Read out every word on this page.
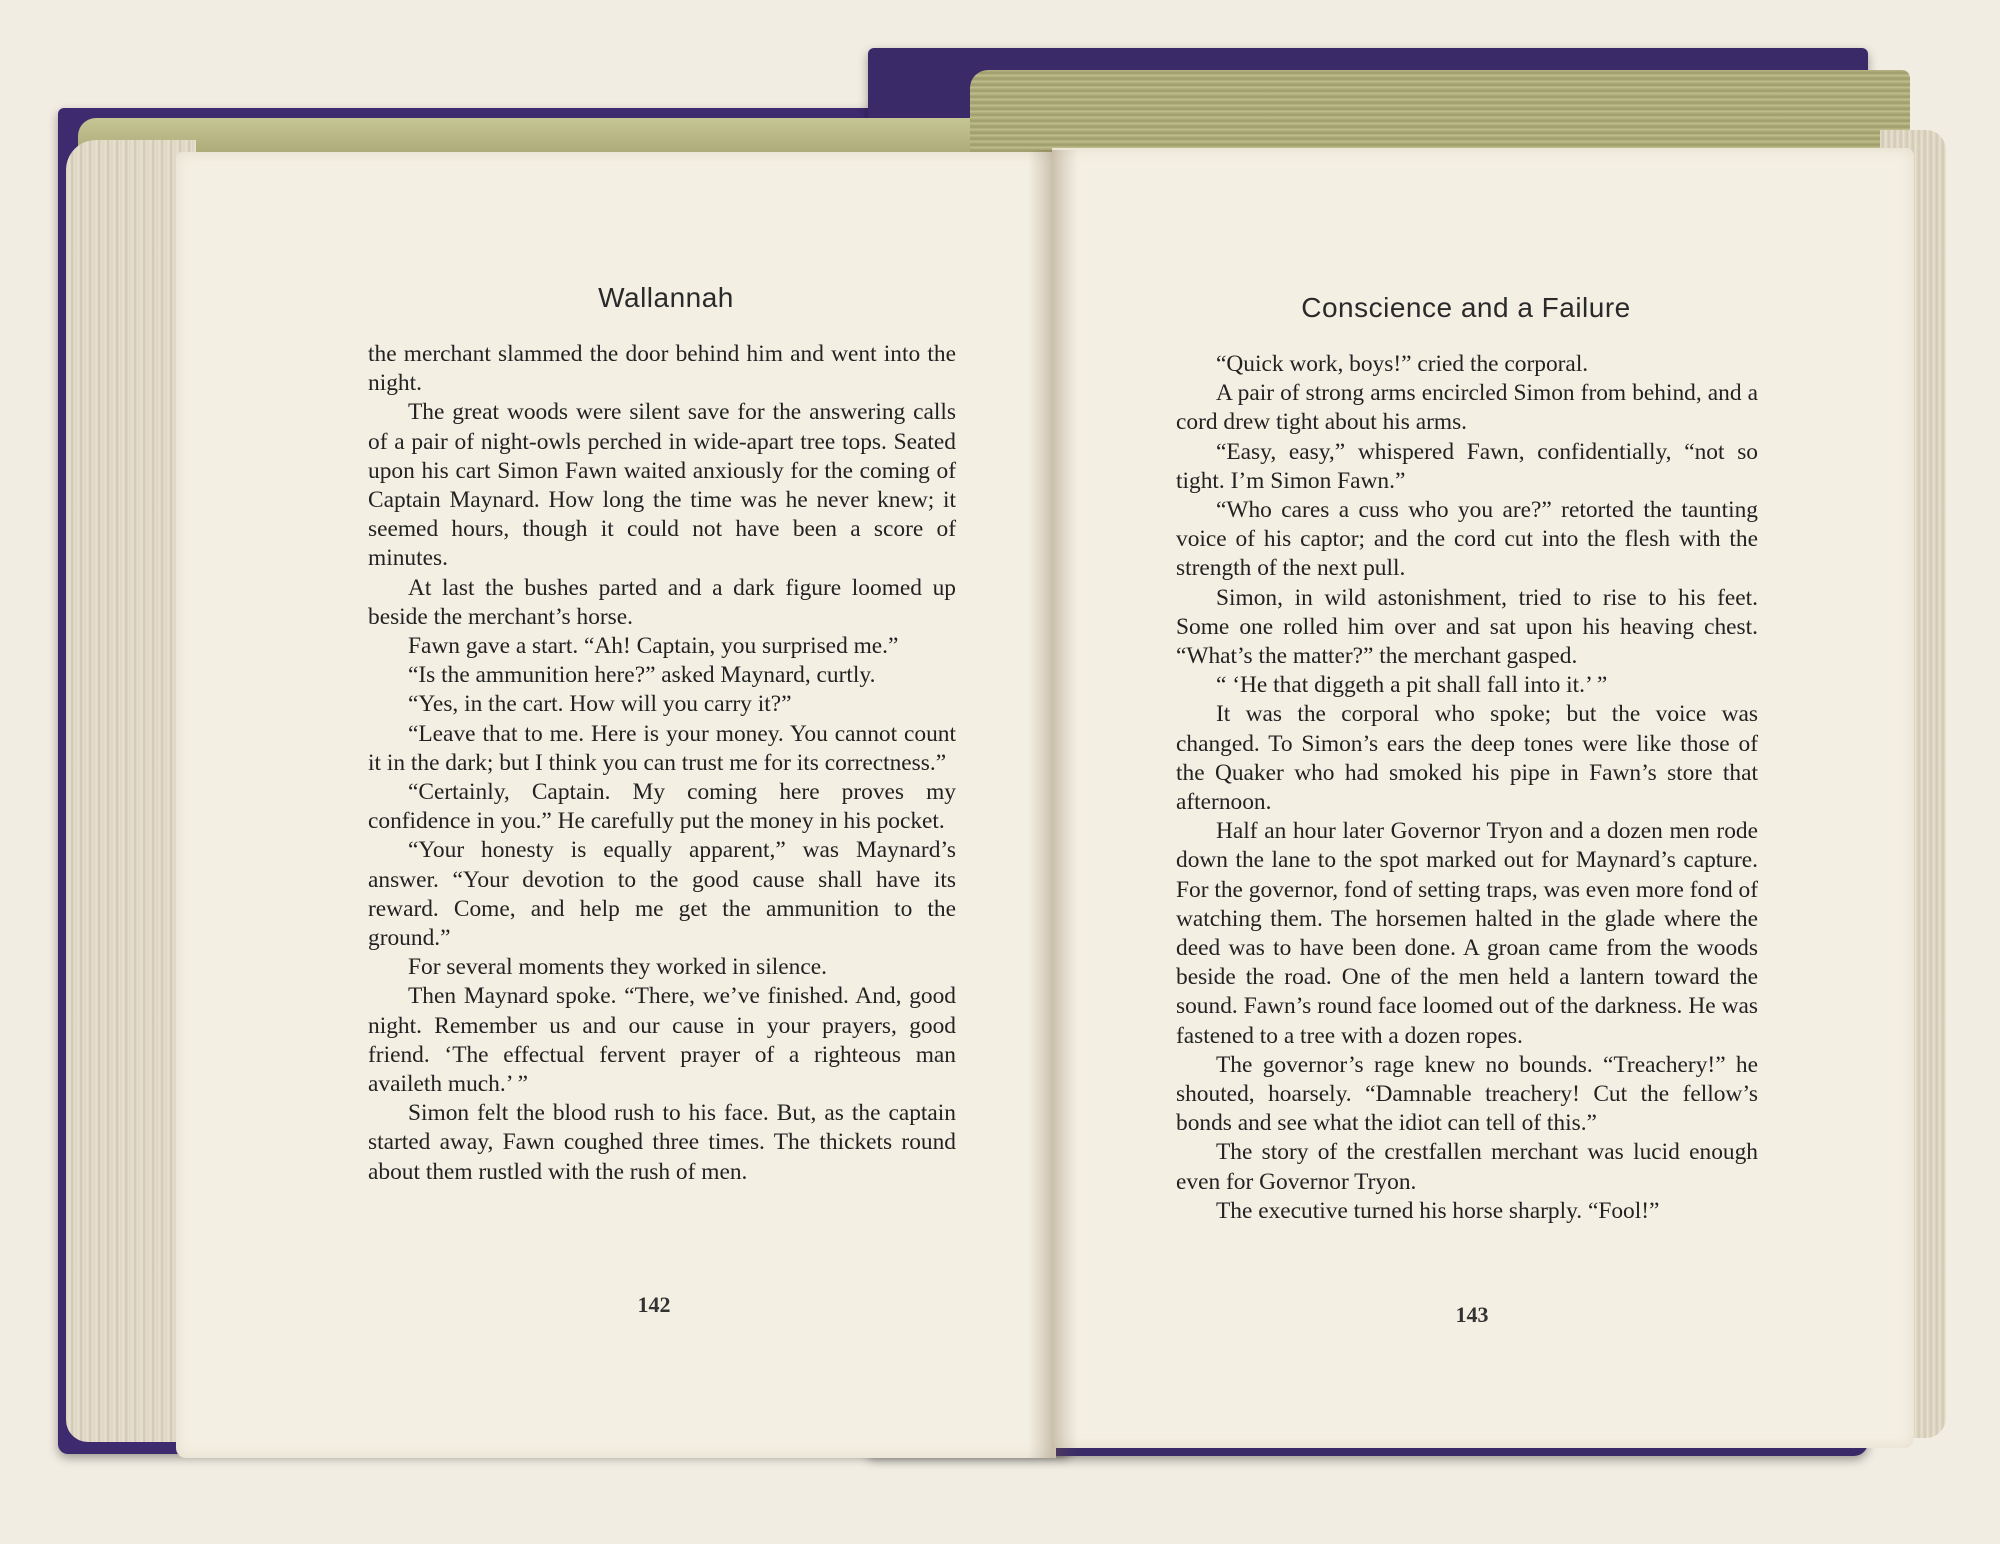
Wallannah

the merchant slammed the door behind him and went into the night.

The great woods were silent save for the answering calls of a pair of night-owls perched in wide-apart tree tops. Seated upon his cart Simon Fawn waited anxiously for the coming of Captain Maynard. How long the time was he never knew; it seemed hours, though it could not have been a score of minutes.

At last the bushes parted and a dark figure loomed up beside the merchant’s horse.

Fawn gave a start. “Ah! Captain, you surprised me.”

“Is the ammunition here?” asked Maynard, curtly.

“Yes, in the cart. How will you carry it?”

“Leave that to me. Here is your money. You cannot count it in the dark; but I think you can trust me for its correctness.”

“Certainly, Captain. My coming here proves my confidence in you.” He carefully put the money in his pocket.

“Your honesty is equally apparent,” was Maynard’s answer. “Your devotion to the good cause shall have its reward. Come, and help me get the ammunition to the ground.”

For several moments they worked in silence.

Then Maynard spoke. “There, we’ve finished. And, good night. Remember us and our cause in your prayers, good friend. ‘The effectual fervent prayer of a righteous man availeth much.’ ”

Simon felt the blood rush to his face. But, as the captain started away, Fawn coughed three times. The thickets round about them rustled with the rush of men.

142
Conscience and a Failure

“Quick work, boys!” cried the corporal.

A pair of strong arms encircled Simon from behind, and a cord drew tight about his arms.

“Easy, easy,” whispered Fawn, confidentially, “not so tight. I’m Simon Fawn.”

“Who cares a cuss who you are?” retorted the taunting voice of his captor; and the cord cut into the flesh with the strength of the next pull.

Simon, in wild astonishment, tried to rise to his feet. Some one rolled him over and sat upon his heaving chest. “What’s the matter?” the merchant gasped.

“ ‘He that diggeth a pit shall fall into it.’ ”

It was the corporal who spoke; but the voice was changed. To Simon’s ears the deep tones were like those of the Quaker who had smoked his pipe in Fawn’s store that afternoon.

Half an hour later Governor Tryon and a dozen men rode down the lane to the spot marked out for Maynard’s capture. For the governor, fond of setting traps, was even more fond of watching them. The horsemen halted in the glade where the deed was to have been done. A groan came from the woods beside the road. One of the men held a lantern toward the sound. Fawn’s round face loomed out of the darkness. He was fastened to a tree with a dozen ropes.

The governor’s rage knew no bounds. “Treachery!” he shouted, hoarsely. “Damnable treachery! Cut the fellow’s bonds and see what the idiot can tell of this.”

The story of the crestfallen merchant was lucid enough even for Governor Tryon.

The executive turned his horse sharply. “Fool!”

143
